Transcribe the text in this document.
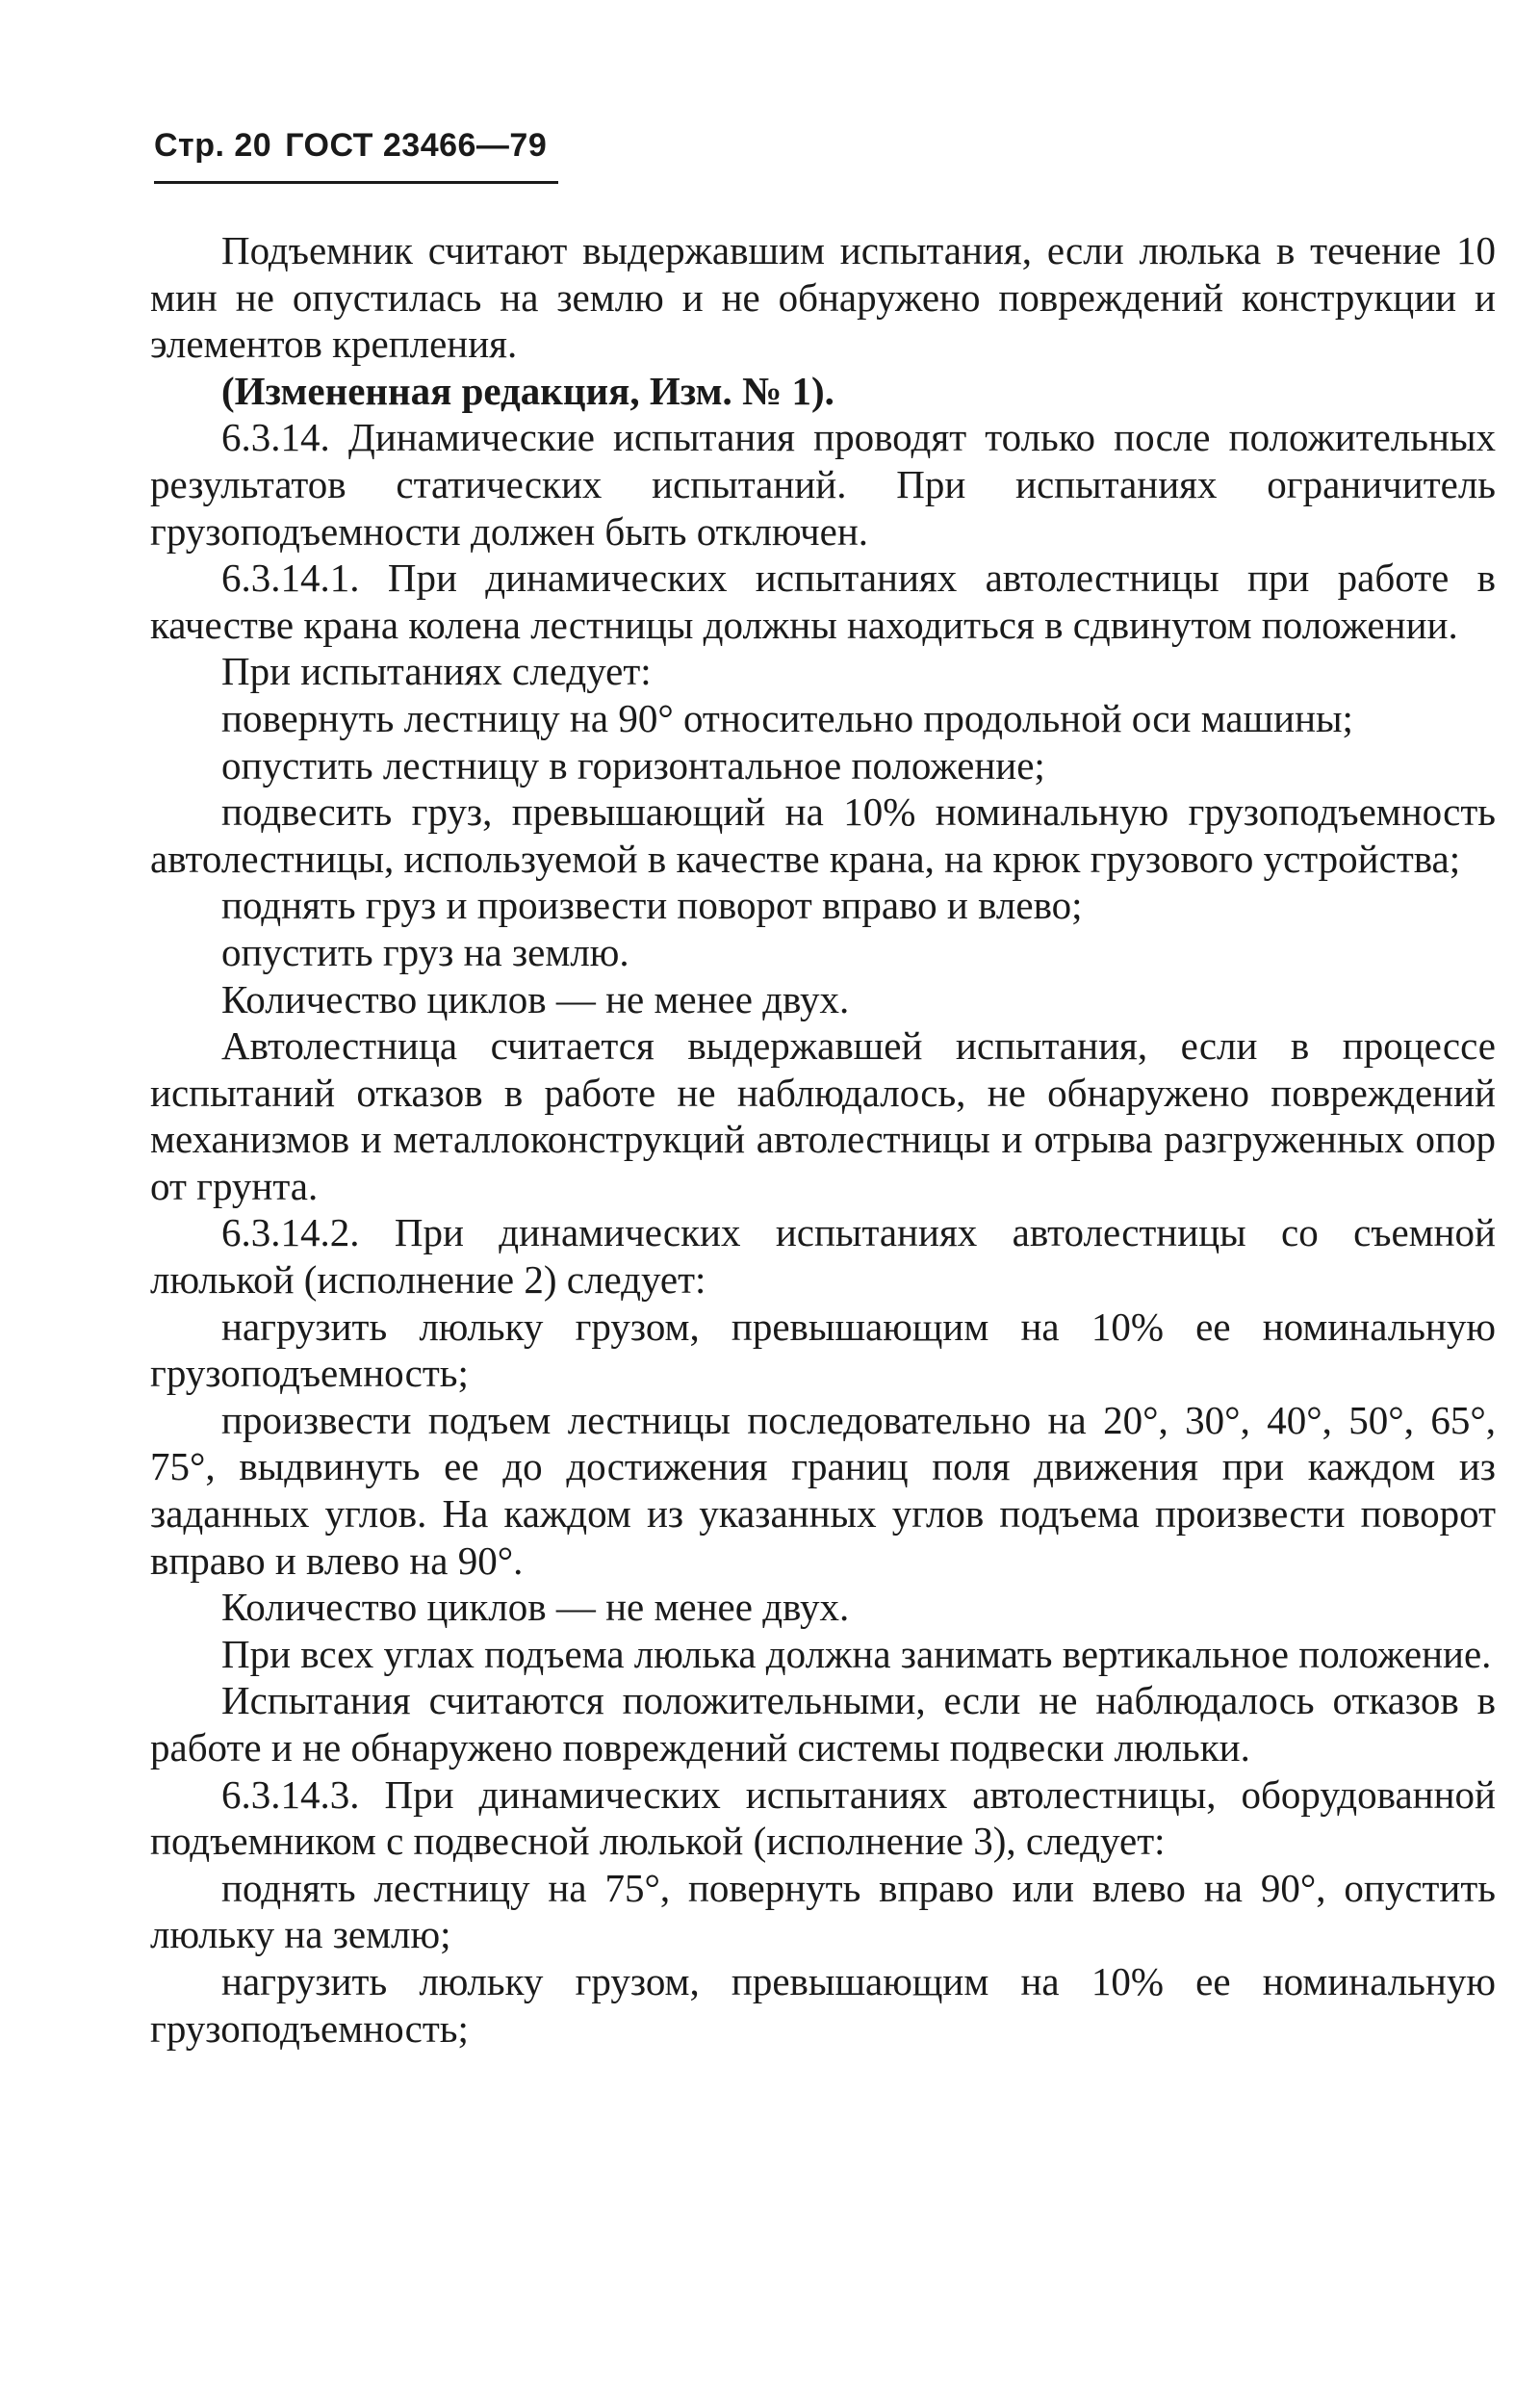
Стр. 20 ГОСТ 23466—79

Подъемник считают выдержавшим испытания, если люлька в течение 10 мин не опустилась на землю и не обнаружено повреждений конструкции и элементов крепления.

(Измененная редакция, Изм. № 1).

6.3.14. Динамические испытания проводят только после положительных результатов статических испытаний. При испытаниях ограничитель грузоподъемности должен быть отключен.

6.3.14.1. При динамических испытаниях автолестницы при работе в качестве крана колена лестницы должны находиться в сдвинутом положении.

При испытаниях следует:

повернуть лестницу на 90° относительно продольной оси машины;

опустить лестницу в горизонтальное положение;

подвесить груз, превышающий на 10% номинальную грузоподъемность автолестницы, используемой в качестве крана, на крюк грузового устройства;

поднять груз и произвести поворот вправо и влево;

опустить груз на землю.

Количество циклов — не менее двух.

Автолестница считается выдержавшей испытания, если в процессе испытаний отказов в работе не наблюдалось, не обнаружено повреждений механизмов и металлоконструкций автолестницы и отрыва разгруженных опор от грунта.

6.3.14.2. При динамических испытаниях автолестницы со съемной люлькой (исполнение 2) следует:

нагрузить люльку грузом, превышающим на 10% ее номинальную грузоподъемность;

произвести подъем лестницы последовательно на 20°, 30°, 40°, 50°, 65°, 75°, выдвинуть ее до достижения границ поля движения при каждом из заданных углов. На каждом из указанных углов подъема произвести поворот вправо и влево на 90°.

Количество циклов — не менее двух.

При всех углах подъема люлька должна занимать вертикальное положение.

Испытания считаются положительными, если не наблюдалось отказов в работе и не обнаружено повреждений системы подвески люльки.

6.3.14.3. При динамических испытаниях автолестницы, оборудованной подъемником с подвесной люлькой (исполнение 3), следует:

поднять лестницу на 75°, повернуть вправо или влево на 90°, опустить люльку на землю;

нагрузить люльку грузом, превышающим на 10% ее номинальную грузоподъемность;
